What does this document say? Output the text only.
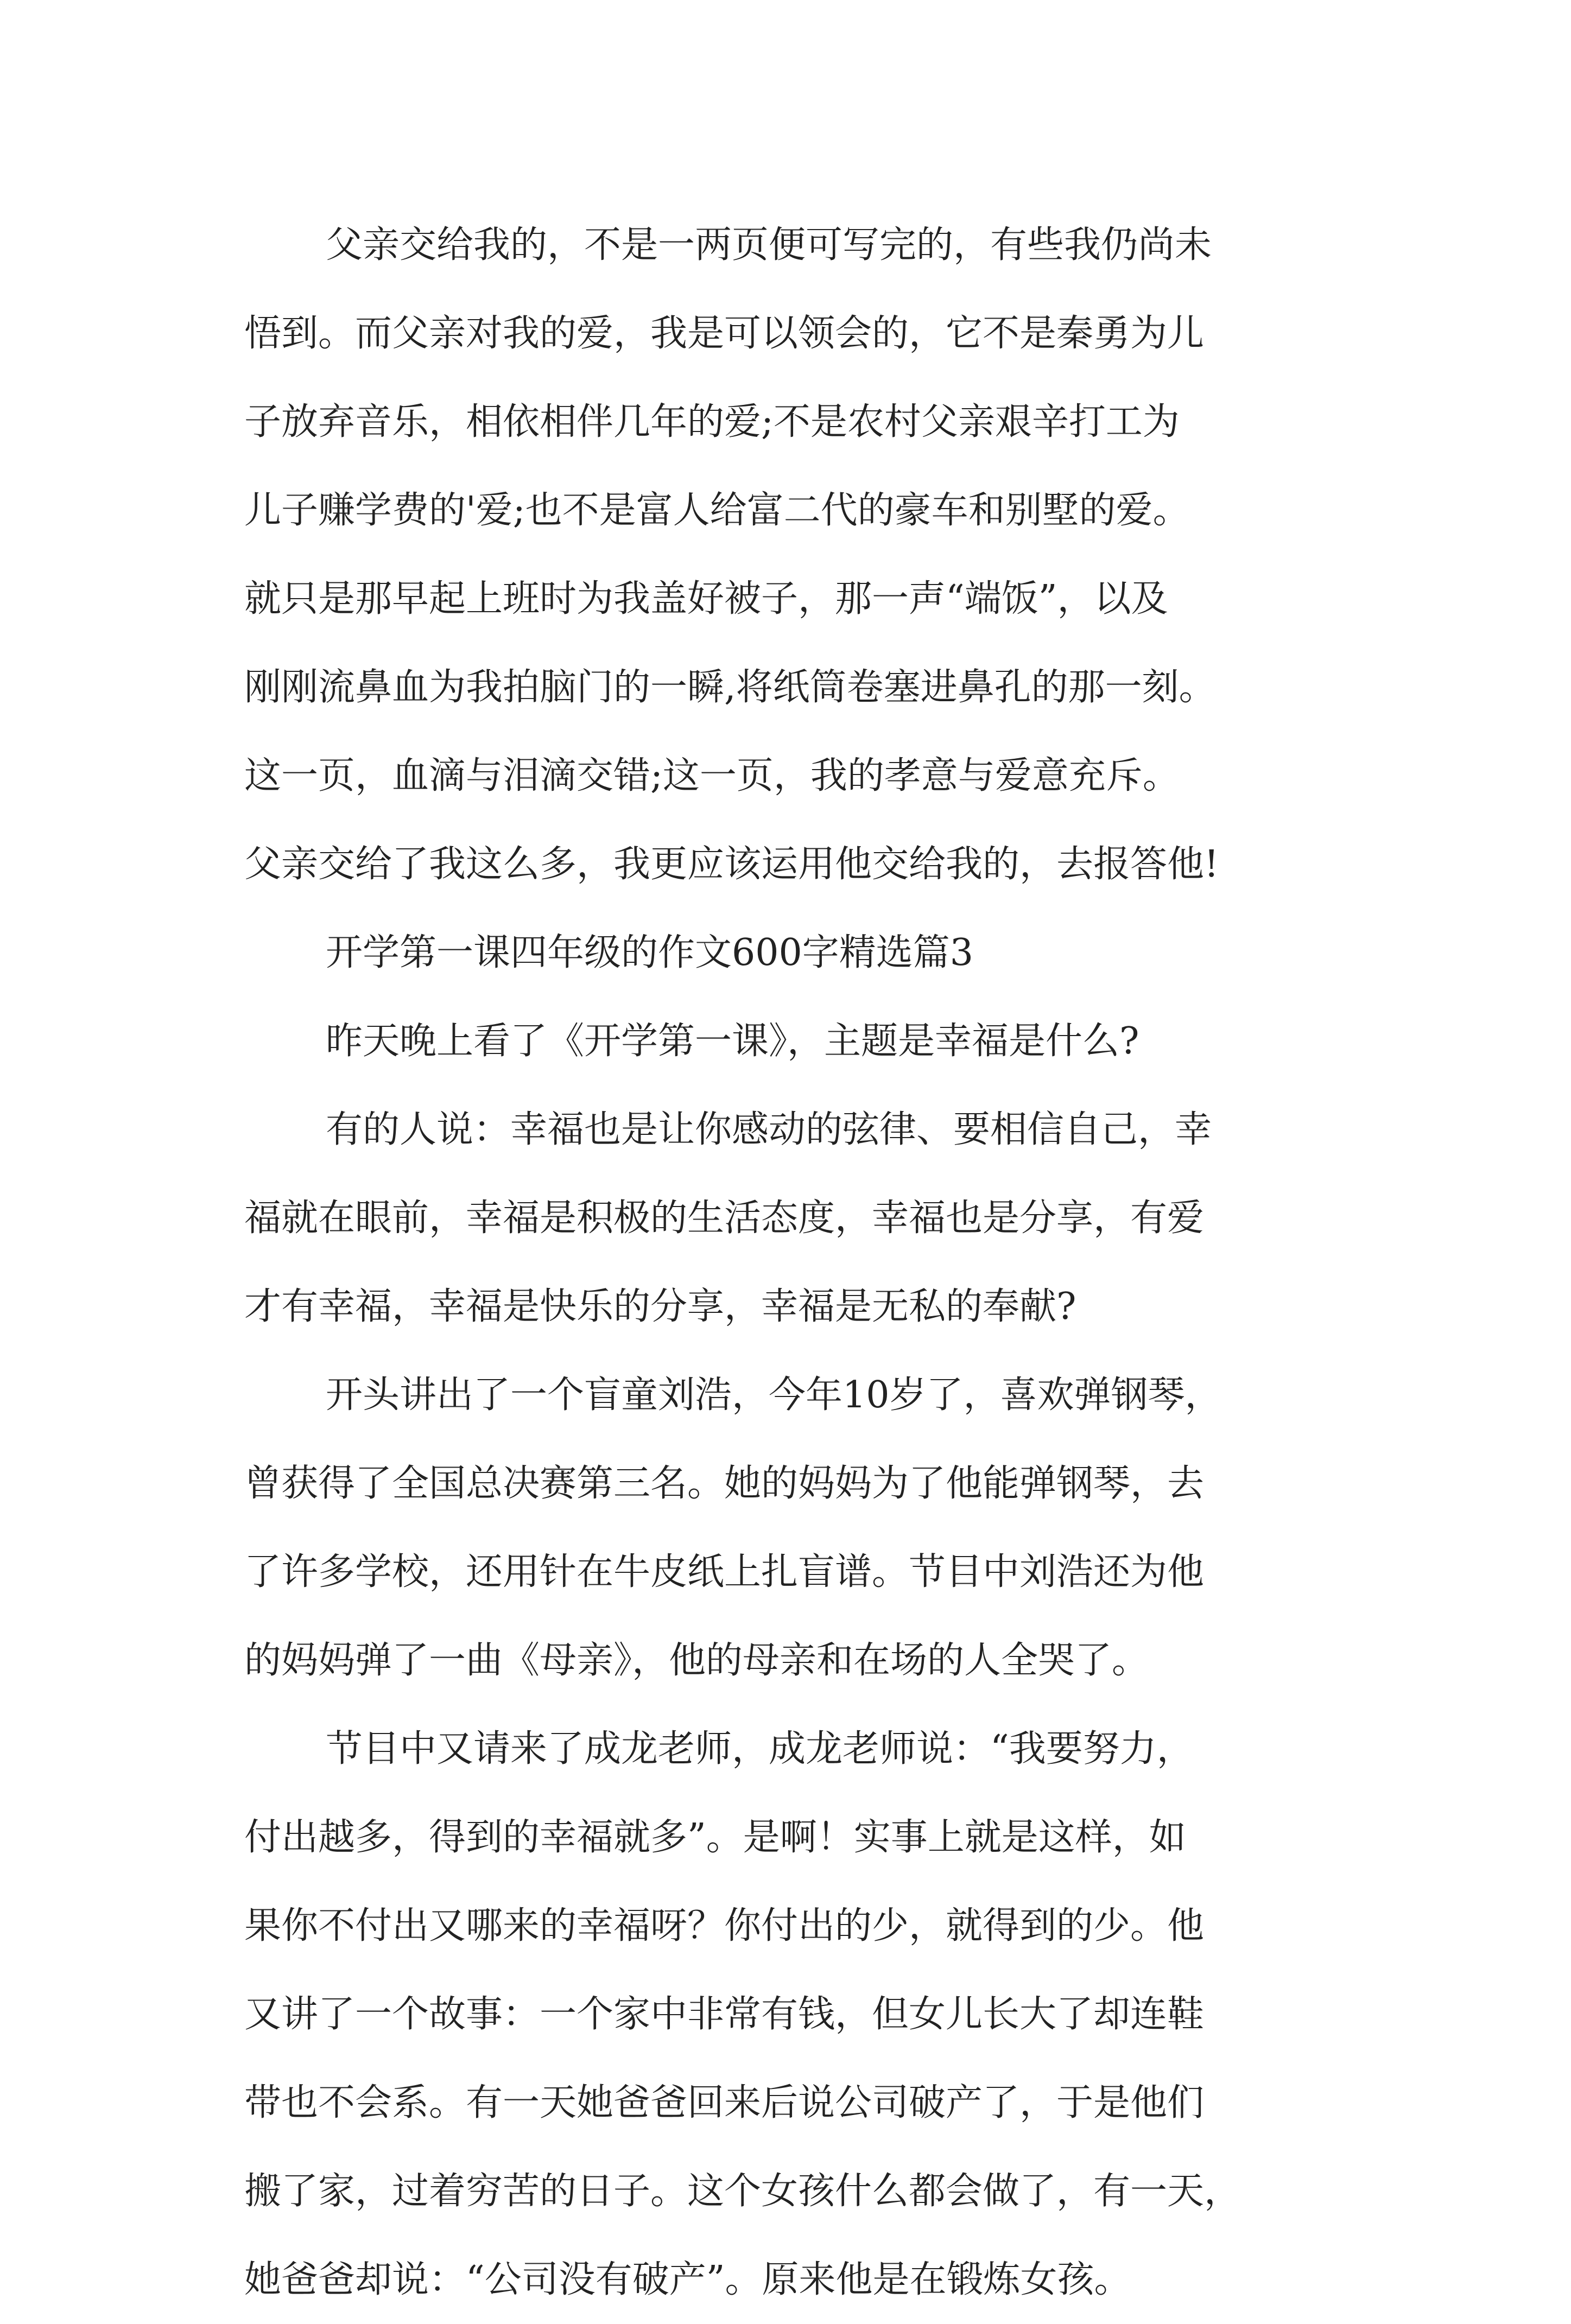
父亲交给我的，不是一两页便可写完的，有些我仍尚未
悟到。而父亲对我的爱，我是可以领会的，它不是秦勇为儿
子放弃音乐，相依相伴几年的爱;不是农村父亲艰辛打工为
儿子赚学费的'爱;也不是富人给富二代的豪车和别墅的爱。
就只是那早起上班时为我盖好被子，那一声“端饭”，以及
刚刚流鼻血为我拍脑门的一瞬,将纸筒卷塞进鼻孔的那一刻。
这一页，血滴与泪滴交错;这一页，我的孝意与爱意充斥。
父亲交给了我这么多，我更应该运用他交给我的，去报答他!
开学第一课四年级的作文600字精选篇3
昨天晚上看了《开学第一课》，主题是幸福是什么?
有的人说：幸福也是让你感动的弦律、要相信自己，幸
福就在眼前，幸福是积极的生活态度，幸福也是分享，有爱
才有幸福，幸福是快乐的分享，幸福是无私的奉献?
开头讲出了一个盲童刘浩，今年10岁了，喜欢弹钢琴，
曾获得了全国总决赛第三名。她的妈妈为了他能弹钢琴，去
了许多学校，还用针在牛皮纸上扎盲谱。节目中刘浩还为他
的妈妈弹了一曲《母亲》，他的母亲和在场的人全哭了。
节目中又请来了成龙老师，成龙老师说：“我要努力，
付出越多，得到的幸福就多”。是啊！实事上就是这样，如
果你不付出又哪来的幸福呀？你付出的少，就得到的少。他
又讲了一个故事：一个家中非常有钱，但女儿长大了却连鞋
带也不会系。有一天她爸爸回来后说公司破产了，于是他们
搬了家，过着穷苦的日子。这个女孩什么都会做了，有一天，
她爸爸却说：“公司没有破产”。原来他是在锻炼女孩。
